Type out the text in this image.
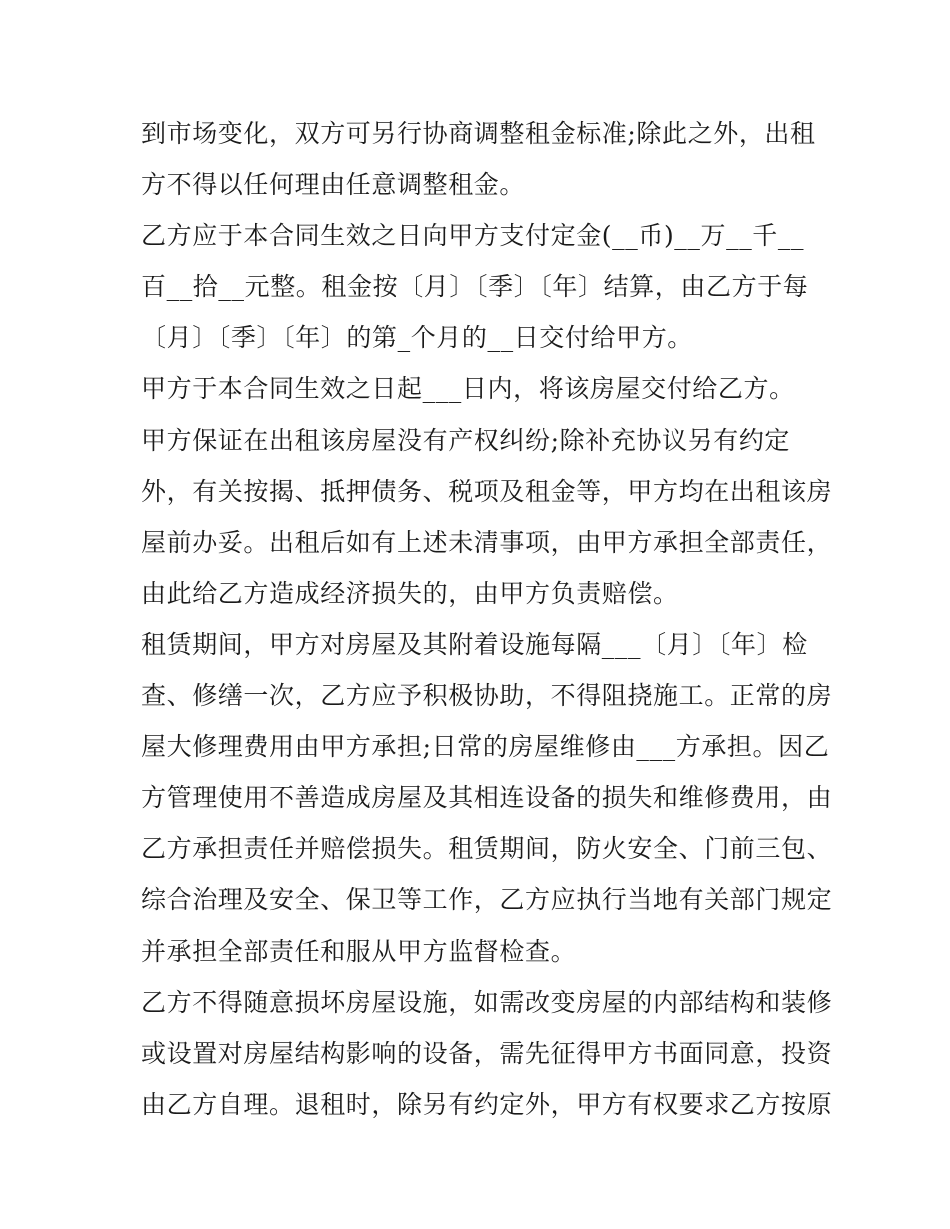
到市场变化，双方可另行协商调整租金标准;除此之外，出租
方不得以任何理由任意调整租金。
乙方应于本合同生效之日向甲方支付定金(__币)__万__千__
百__拾__元整。租金按〔月〕〔季〕〔年〕结算，由乙方于每
〔月〕〔季〕〔年〕的第_个月的__日交付给甲方。
甲方于本合同生效之日起___日内，将该房屋交付给乙方。
甲方保证在出租该房屋没有产权纠纷;除补充协议另有约定
外，有关按揭、抵押债务、税项及租金等，甲方均在出租该房
屋前办妥。出租后如有上述未清事项，由甲方承担全部责任，
由此给乙方造成经济损失的，由甲方负责赔偿。
租赁期间，甲方对房屋及其附着设施每隔___〔月〕〔年〕检
查、修缮一次，乙方应予积极协助，不得阻挠施工。正常的房
屋大修理费用由甲方承担;日常的房屋维修由___方承担。因乙
方管理使用不善造成房屋及其相连设备的损失和维修费用，由
乙方承担责任并赔偿损失。租赁期间，防火安全、门前三包、
综合治理及安全、保卫等工作，乙方应执行当地有关部门规定
并承担全部责任和服从甲方监督检查。
乙方不得随意损坏房屋设施，如需改变房屋的内部结构和装修
或设置对房屋结构影响的设备，需先征得甲方书面同意，投资
由乙方自理。退租时，除另有约定外，甲方有权要求乙方按原
